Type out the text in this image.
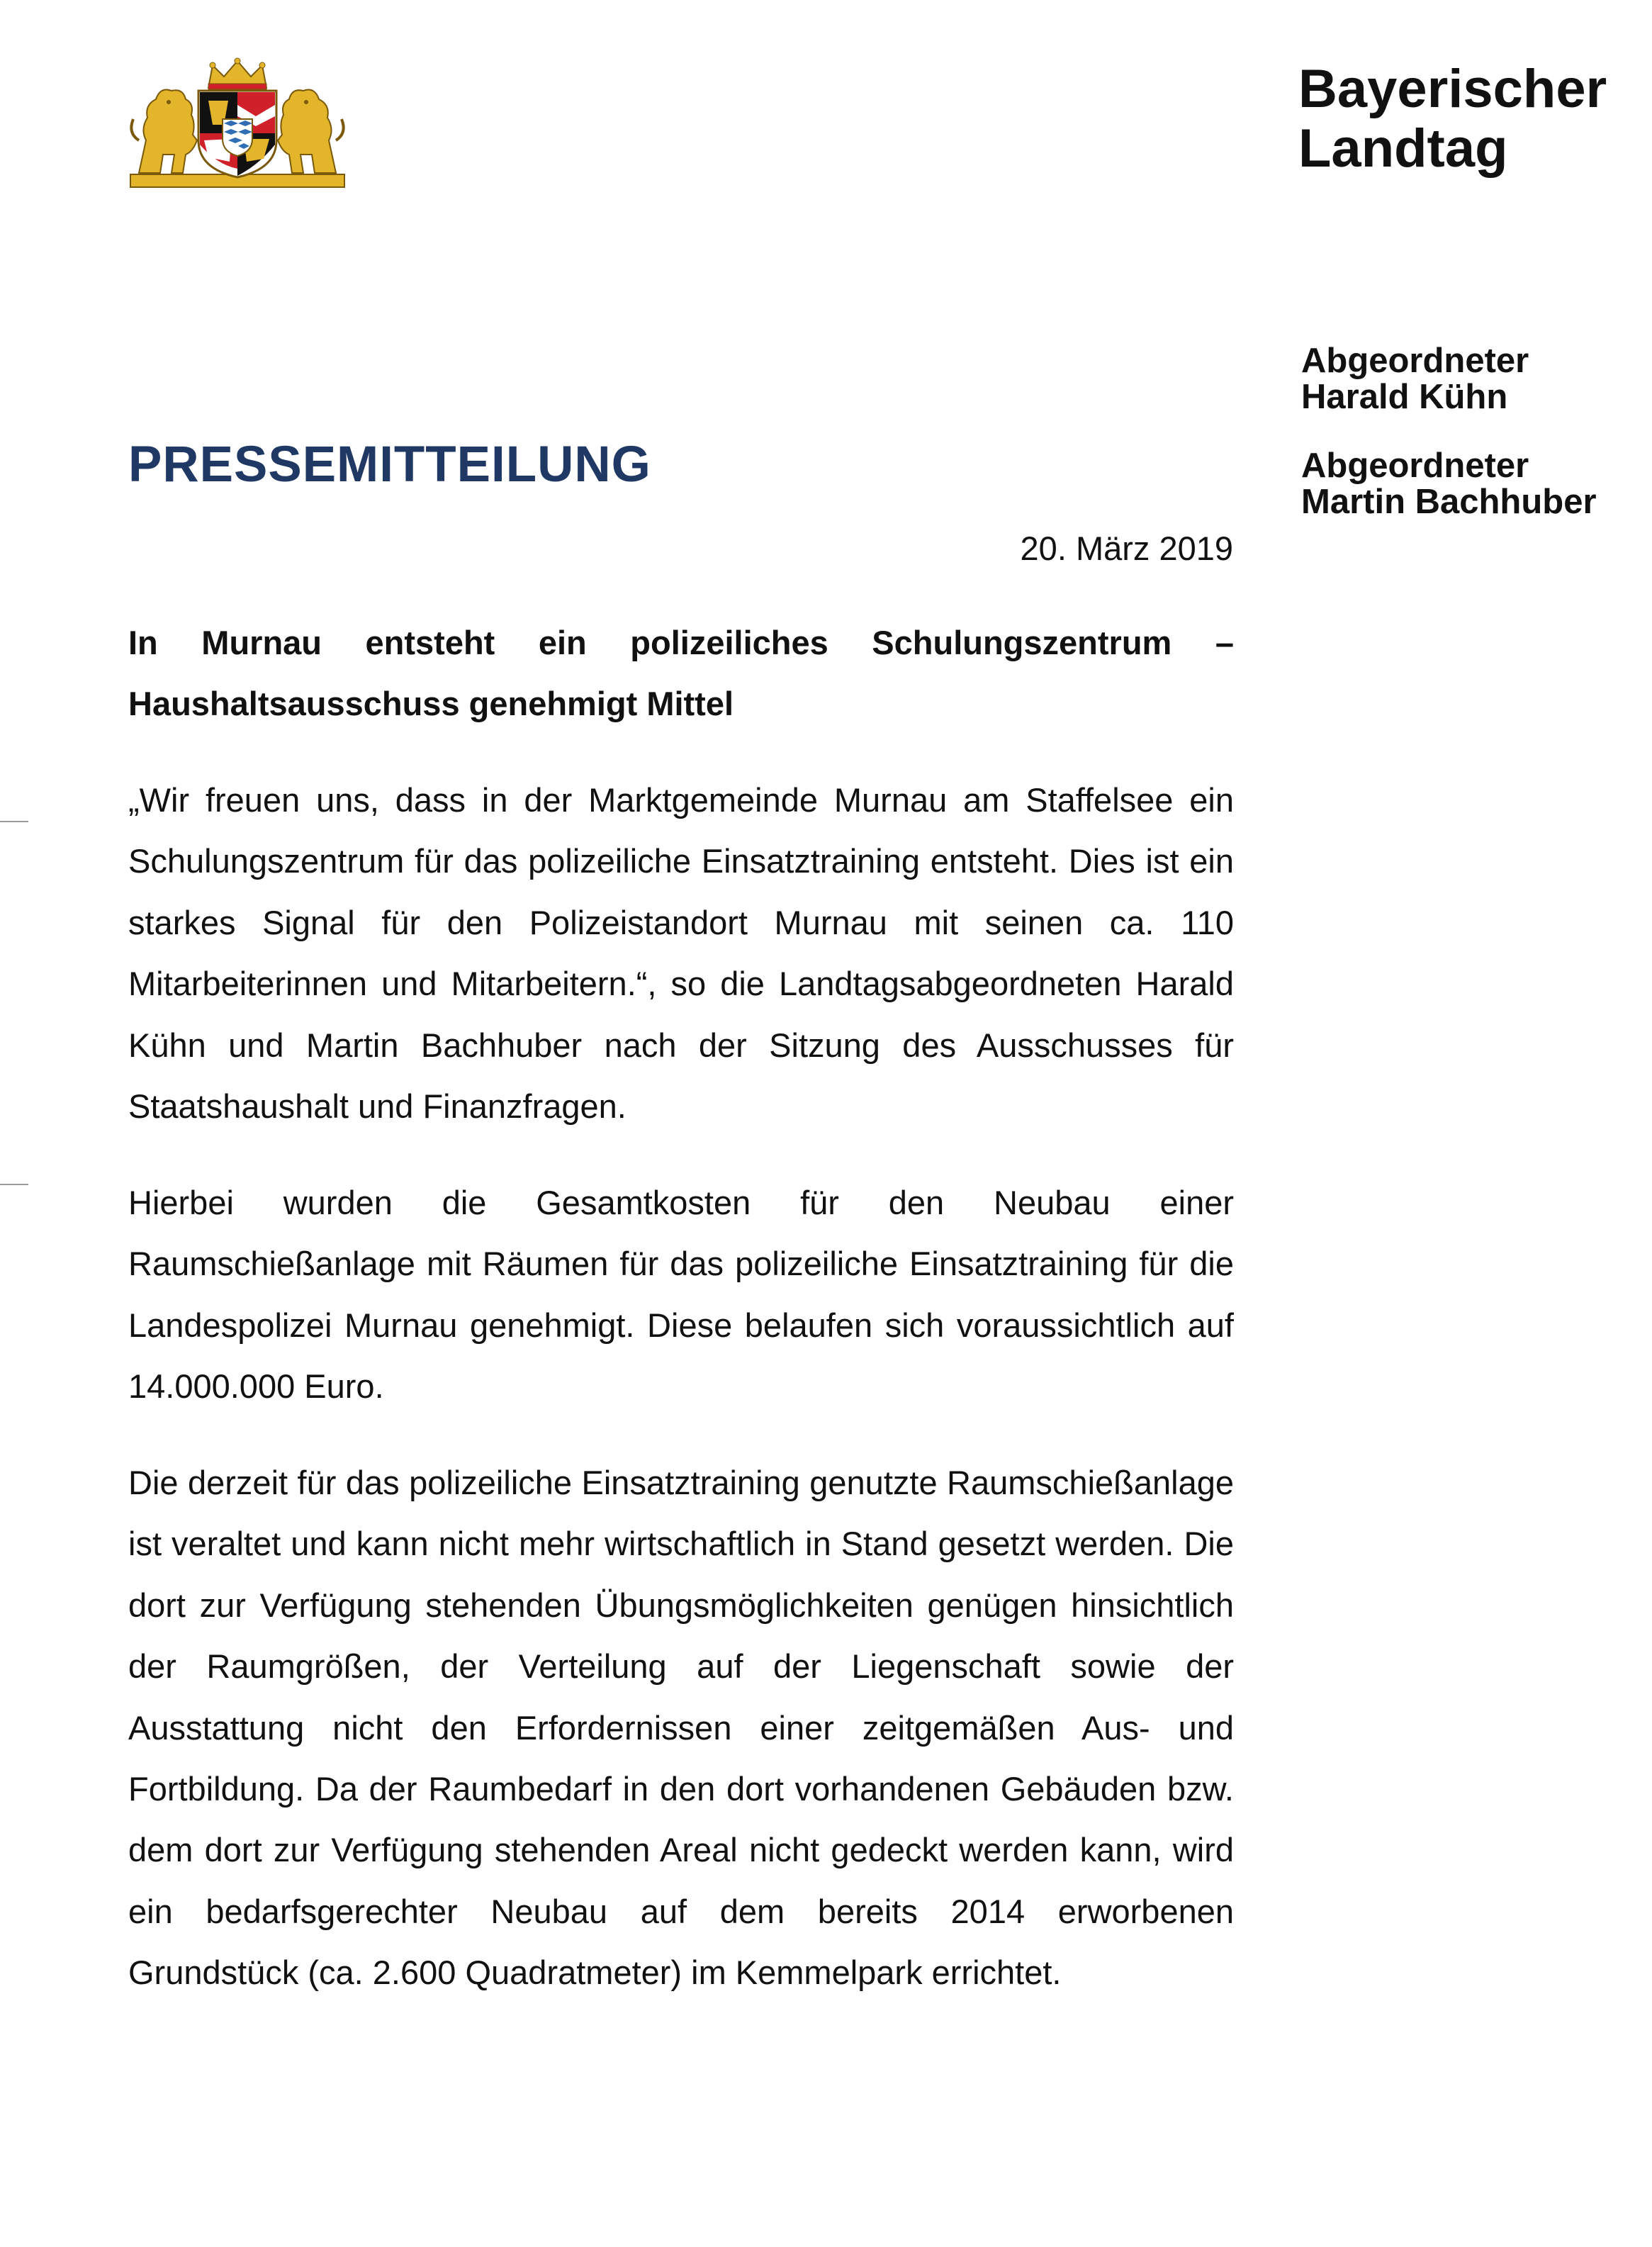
Bayerischer
Landtag
Abgeordneter
Harald Kühn
Abgeordneter
Martin Bachhuber
PRESSEMITTEILUNG
20. März 2019
In Murnau entsteht ein polizeiliches Schulungszentrum – Haushaltsausschuss genehmigt Mittel
„Wir freuen uns, dass in der Marktgemeinde Murnau am Staffelsee ein Schulungszentrum für das polizeiliche Einsatztraining entsteht. Dies ist ein starkes Signal für den Polizeistandort Murnau mit seinen ca. 110 Mitarbeiterinnen und Mitarbeitern.“, so die Landtagsabgeordneten Harald Kühn und Martin Bachhuber nach der Sitzung des Ausschusses für Staatshaushalt und Finanzfragen.
Hierbei wurden die Gesamtkosten für den Neubau einer Raumschießanlage mit Räumen für das polizeiliche Einsatztraining für die Landespolizei Murnau genehmigt. Diese belaufen sich voraussichtlich auf 14.000.000 Euro.
Die derzeit für das polizeiliche Einsatztraining genutzte Raumschießanlage ist veraltet und kann nicht mehr wirtschaftlich in Stand gesetzt werden. Die dort zur Verfügung stehenden Übungsmöglichkeiten genügen hinsichtlich der Raumgrößen, der Verteilung auf der Liegenschaft sowie der Ausstattung nicht den Erfordernissen einer zeitgemäßen Aus- und Fortbildung. Da der Raumbedarf in den dort vorhandenen Gebäuden bzw. dem dort zur Verfügung stehenden Areal nicht gedeckt werden kann, wird ein bedarfsgerechter Neubau auf dem bereits 2014 erworbenen Grundstück (ca. 2.600 Quadratmeter) im Kemmelpark errichtet.
